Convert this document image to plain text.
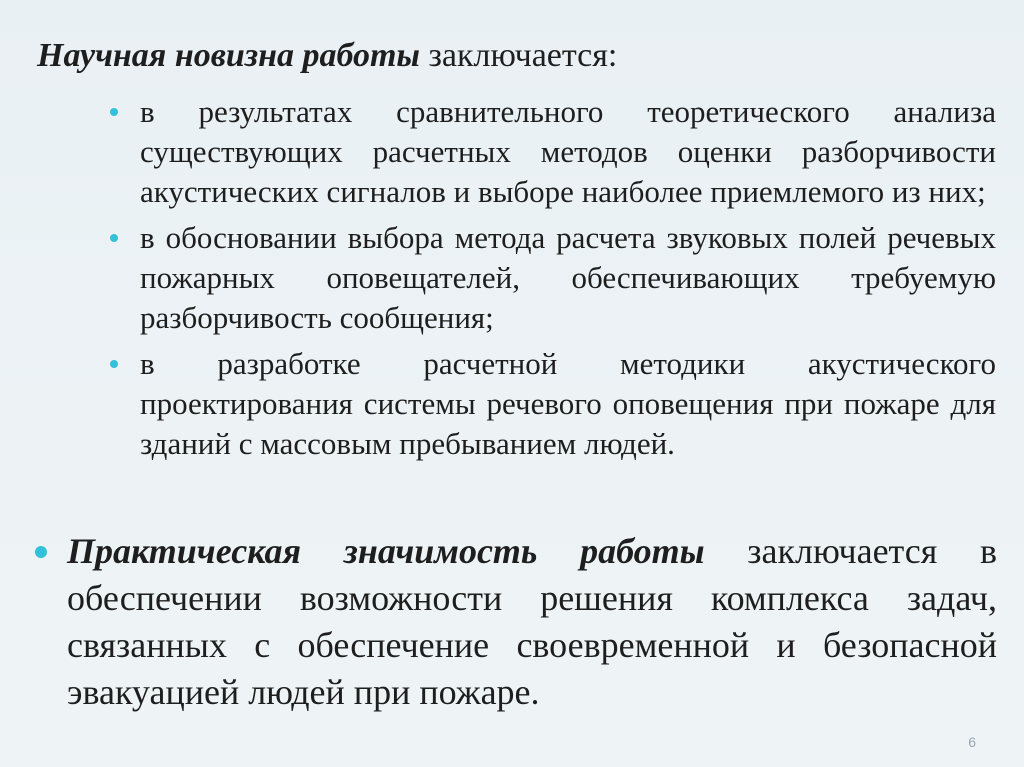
Научная новизна работы заключается:

в результатах сравнительного теоретического анализа существующих расчетных методов оценки разборчивости акустических сигналов и выборе наиболее приемлемого из них;
в обосновании выбора метода расчета звуковых полей речевых пожарных оповещателей, обеспечивающих требуемую разборчивость сообщения;
в разработке расчетной методики акустического проектирования системы речевого оповещения при пожаре для зданий с массовым пребыванием людей.

Практическая значимость работы заключается в обеспечении возможности решения комплекса задач, связанных с обеспечение своевременной и безопасной эвакуацией людей при пожаре.

6
